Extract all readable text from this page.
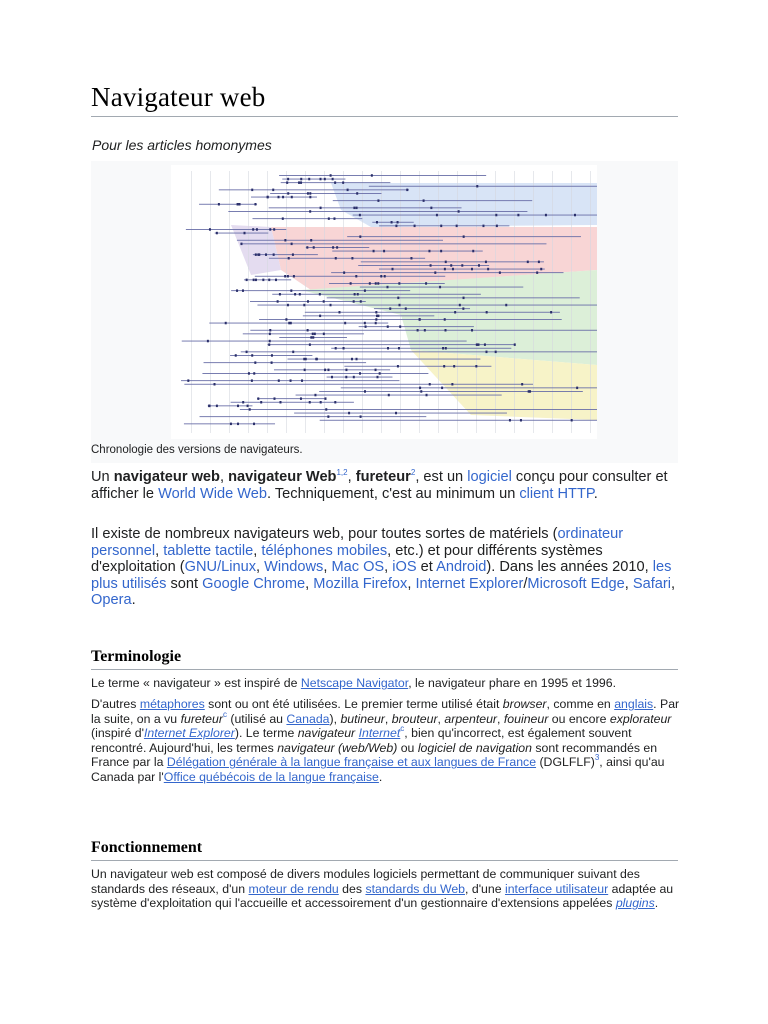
Navigateur web
Pour les articles homonymes
Chronologie des versions de navigateurs.
Un navigateur web, navigateur Web$^{1,2}$, fureteur$^2$, est un logiciel conçu pour consulter et afficher le World Wide Web. Techniquement, c'est au minimum un client HTTP.
Il existe de nombreux navigateurs web, pour toutes sortes de matériels (ordinateur personnel, tablette tactile, téléphones mobiles, etc.) et pour différents systèmes d'exploitation (GNU/Linux, Windows, Mac OS, iOS et Android). Dans les années 2010, les plus utilisés sont Google Chrome, Mozilla Firefox, Internet Explorer/Microsoft Edge, Safari, Opera.
Terminologie
Le terme « navigateur » est inspiré de Netscape Navigator, le navigateur phare en 1995 et 1996.
D'autres métaphores sont ou ont été utilisées. Le premier terme utilisé était browser, comme en anglais. Par la suite, on a vu fureteur$^c$ (utilisé au Canada), butineur, brouteur, arpenteur, fouineur ou encore explorateur (inspiré d'Internet Explorer). Le terme navigateur Internet$^c$, bien qu'incorrect, est également souvent rencontré. Aujourd'hui, les termes navigateur (web/Web) ou logiciel de navigation sont recommandés en France par la Délégation générale à la langue française et aux langues de France (DGLFLF)$^3$, ainsi qu'au Canada par l'Office québécois de la langue française.
Fonctionnement
Un navigateur web est composé de divers modules logiciels permettant de communiquer suivant des standards des réseaux, d'un moteur de rendu des standards du Web, d'une interface utilisateur adaptée au système d'exploitation qui l'accueille et accessoirement d'un gestionnaire d'extensions appelées plugins.
